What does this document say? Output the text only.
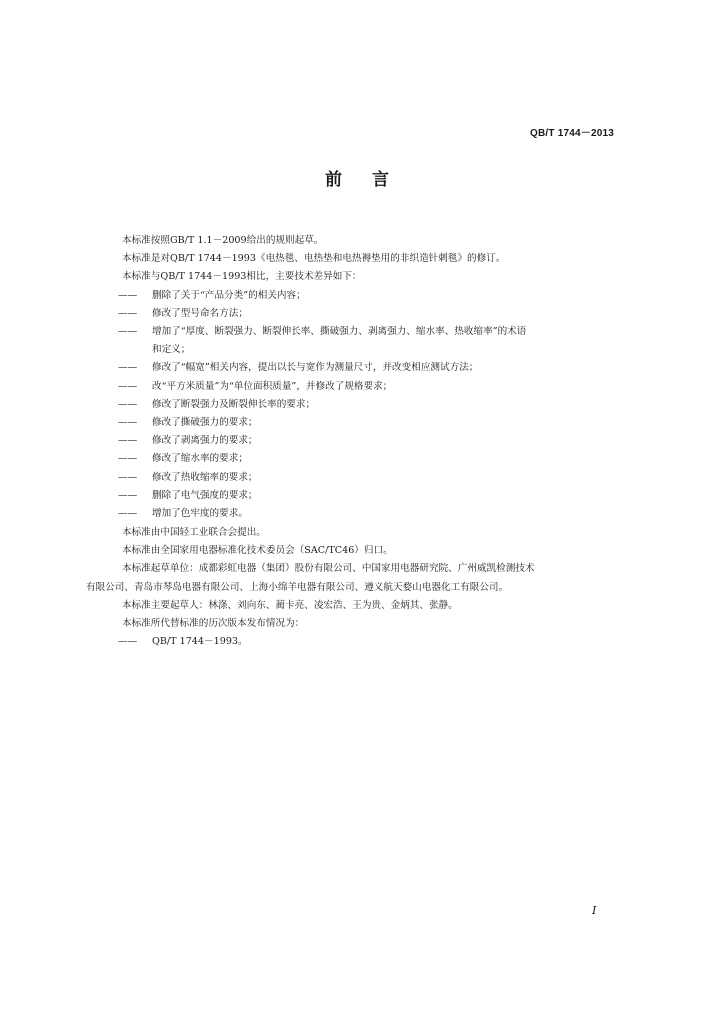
QB/T 1744－2013
前 言
本标准按照GB/T 1.1－2009给出的规则起草。
本标准是对QB/T 1744－1993《电热毯、电热垫和电热褥垫用的非织造针刺毯》的修订。
本标准与QB/T 1744－1993相比，主要技术差异如下：
——	删除了关于“产品分类”的相关内容；
——	修改了型号命名方法；
——	增加了“厚度、断裂强力、断裂伸长率、撕破强力、剥离强力、缩水率、热收缩率”的术语
和定义；
——	修改了“幅宽”相关内容，提出以长与宽作为测量尺寸，并改变相应测试方法；
——	改“平方米质量”为“单位面积质量”，并修改了规格要求；
——	修改了断裂强力及断裂伸长率的要求；
——	修改了撕破强力的要求；
——	修改了剥离强力的要求；
——	修改了缩水率的要求；
——	修改了热收缩率的要求；
——	删除了电气强度的要求；
——	增加了色牢度的要求。
本标准由中国轻工业联合会提出。
本标准由全国家用电器标准化技术委员会（SAC/TC46）归口。
本标准起草单位：成都彩虹电器（集团）股份有限公司、中国家用电器研究院、广州威凯检测技术
有限公司、青岛市琴岛电器有限公司、上海小绵羊电器有限公司、遵义航天婺山电器化工有限公司。
本标准主要起草人：林涤、刘向东、蔺卡亮、凌宏浩、王为贵、金炳其、张静。
本标准所代替标准的历次版本发布情况为：
——	QB/T 1744－1993。
I
